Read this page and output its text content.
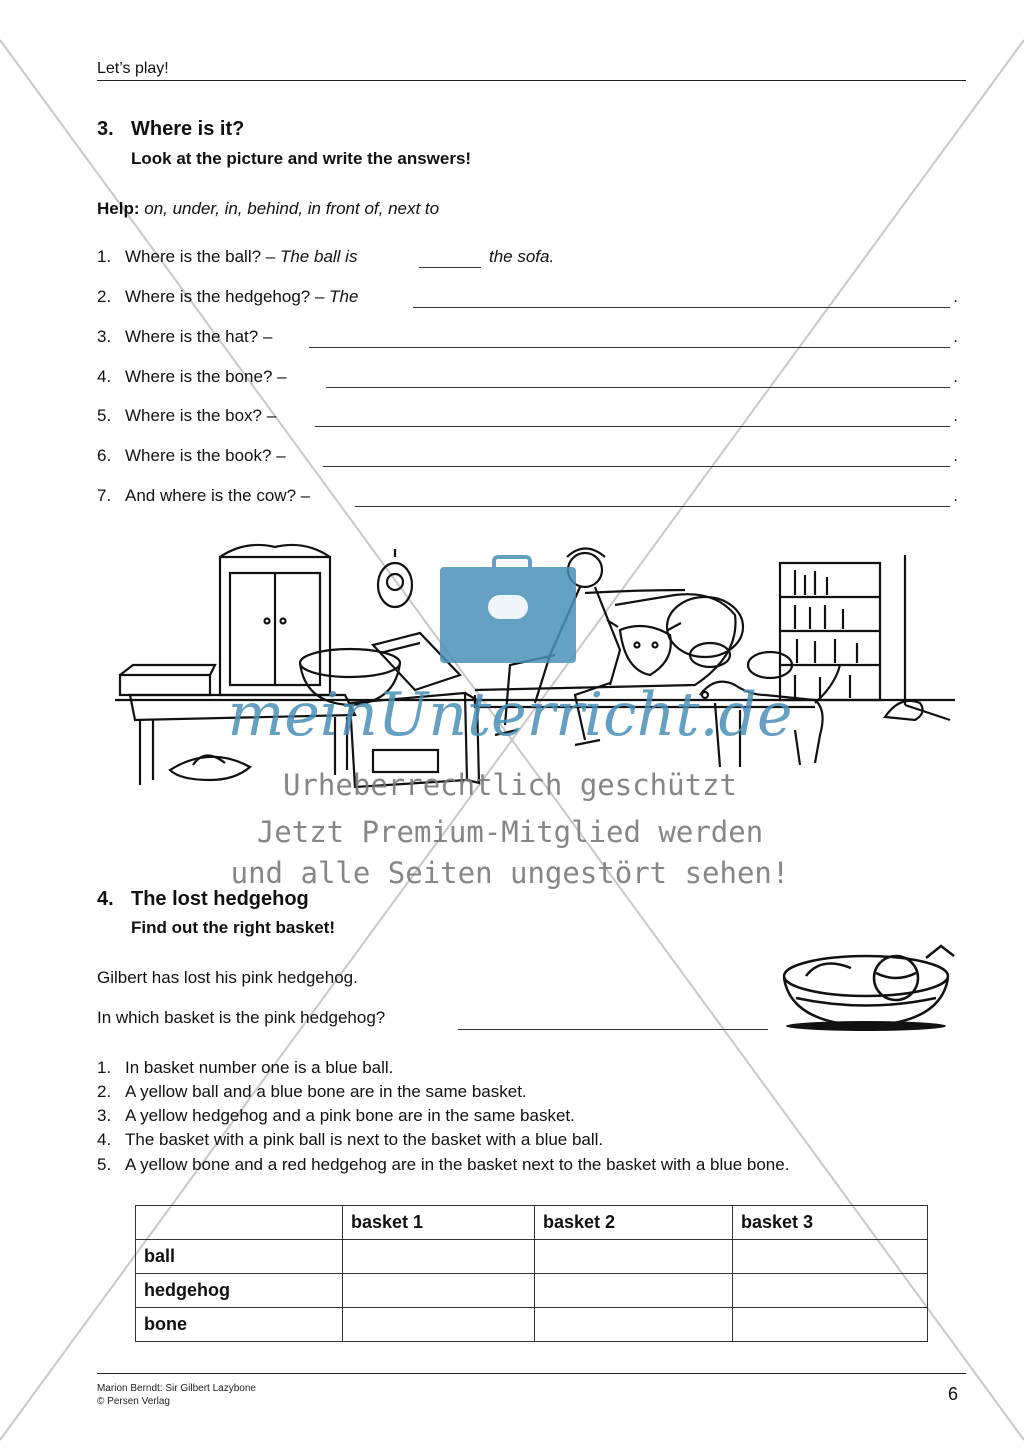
Let’s play!
3. Where is it?
Look at the picture and write the answers!
Help: on, under, in, behind, in front of, next to
1. Where is the ball? – The ball is	the sofa.
2. Where is the hedgehog? – The	.
3. Where is the hat? –	.
4. Where is the bone? –	.
5. Where is the box? –	.
6. Where is the book? –	.
7. And where is the cow? –	.
meinUnterricht.de
Urheberrechtlich geschützt
Jetzt Premium-Mitglied werden
und alle Seiten ungestört sehen!
4. The lost hedgehog
Find out the right basket!
Gilbert has lost his pink hedgehog.
In which basket is the pink hedgehog?
1. In basket number one is a blue ball.
2. A yellow ball and a blue bone are in the same basket.
3. A yellow hedgehog and a pink bone are in the same basket.
4. The basket with a pink ball is next to the basket with a blue ball.
5. A yellow bone and a red hedgehog are in the basket next to the basket with a blue bone.
	basket 1	basket 2	basket 3
ball			
hedgehog			
bone			
Marion Berndt: Sir Gilbert Lazybone
© Persen Verlag	6
